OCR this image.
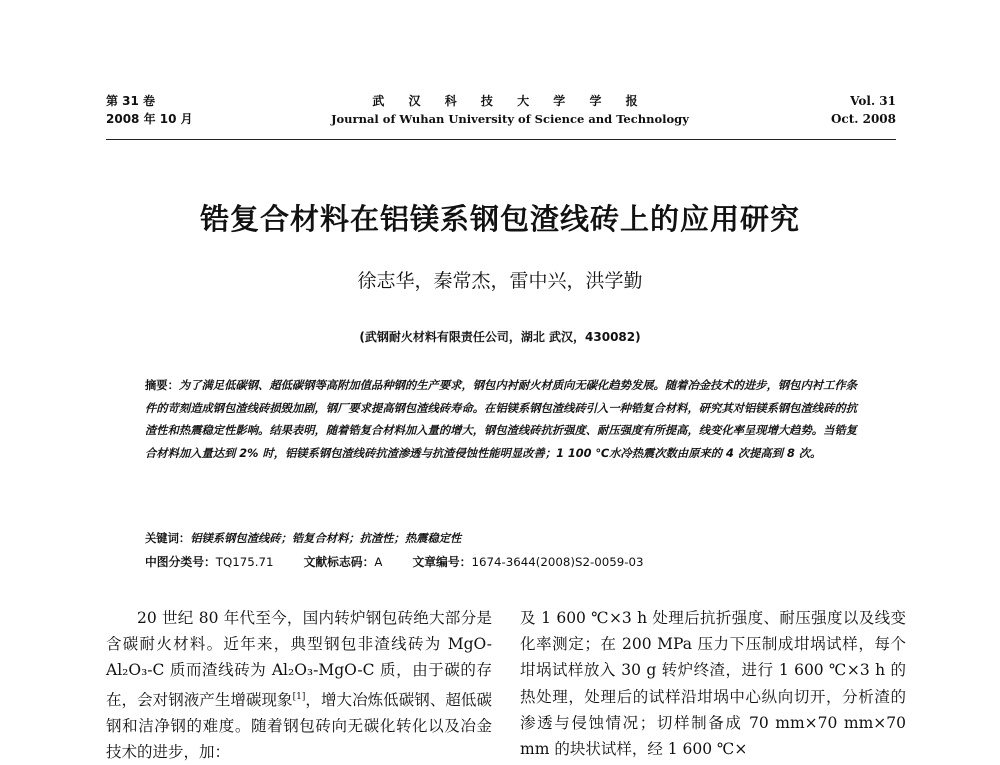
第 31 卷
2008 年 10 月
武 汉 科 技 大 学 学 报
Journal of Wuhan University of Science and Technology
Vol. 31
Oct. 2008
锆复合材料在铝镁系钢包渣线砖上的应用研究
徐志华，秦常杰，雷中兴，洪学勤
(武钢耐火材料有限责任公司，湖北 武汉，430082)
摘要：为了满足低碳钢、超低碳钢等高附加值品种钢的生产要求，钢包内衬耐火材质向无碳化趋势发展。随着冶金技术的进步，钢包内衬工作条件的苛刻造成钢包渣线砖损毁加剧，钢厂要求提高钢包渣线砖寿命。在铝镁系钢包渣线砖引入一种锆复合材料，研究其对铝镁系钢包渣线砖的抗渣性和热震稳定性影响。结果表明，随着锆复合材料加入量的增大，钢包渣线砖抗折强度、耐压强度有所提高，线变化率呈现增大趋势。当锆复合材料加入量达到 2% 时，铝镁系钢包渣线砖抗渣渗透与抗渣侵蚀性能明显改善；1 100 ℃水冷热震次数由原来的 4 次提高到 8 次。
关键词：铝镁系钢包渣线砖；锆复合材料；抗渣性；热震稳定性
中图分类号：TQ175.71	文献标志码：A	文章编号：1674-3644(2008)S2-0059-03

20 世纪 80 年代至今，国内转炉钢包砖绝大部分是含碳耐火材料。近年来，典型钢包非渣线砖为 MgO-Al₂O₃-C 质而渣线砖为 Al₂O₃-MgO-C 质，由于碳的存在，会对钢液产生增碳现象[1]，增大冶炼低碳钢、超低碳钢和洁净钢的难度。随着钢包砖向无碳化转化以及冶金技术的进步，加：

及 1 600 ℃×3 h 处理后抗折强度、耐压强度以及线变化率测定；在 200 MPa 压力下压制成坩埚试样，每个坩埚试样放入 30 g 转炉终渣，进行 1 600 ℃×3 h 的热处理，处理后的试样沿坩埚中心纵向切开，分析渣的渗透与侵蚀情况；切样制备成 70 mm×70 mm×70 mm 的块状试样，经 1 600 ℃×
